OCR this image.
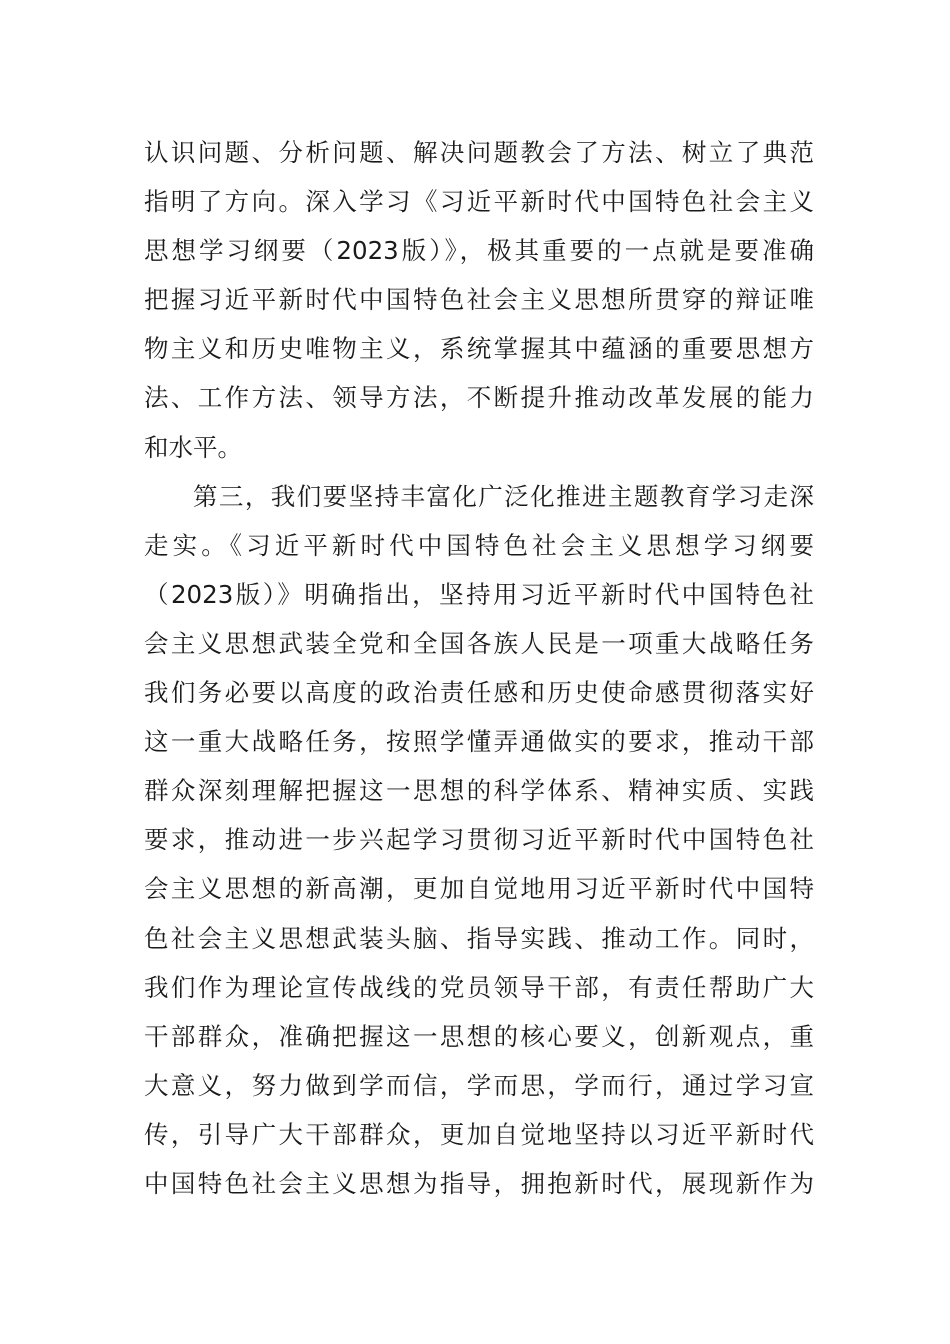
认识问题、分析问题、解决问题教会了方法、树立了典范
指明了方向。深入学习《习近平新时代中国特色社会主义
思想学习纲要（2023版）》，极其重要的一点就是要准确
把握习近平新时代中国特色社会主义思想所贯穿的辩证唯
物主义和历史唯物主义，系统掌握其中蕴涵的重要思想方
法、工作方法、领导方法，不断提升推动改革发展的能力
和水平。
第三，我们要坚持丰富化广泛化推进主题教育学习走深
走实。《习近平新时代中国特色社会主义思想学习纲要
（2023版）》明确指出，坚持用习近平新时代中国特色社
会主义思想武装全党和全国各族人民是一项重大战略任务
我们务必要以高度的政治责任感和历史使命感贯彻落实好
这一重大战略任务，按照学懂弄通做实的要求，推动干部
群众深刻理解把握这一思想的科学体系、精神实质、实践
要求，推动进一步兴起学习贯彻习近平新时代中国特色社
会主义思想的新高潮，更加自觉地用习近平新时代中国特
色社会主义思想武装头脑、指导实践、推动工作。同时，
我们作为理论宣传战线的党员领导干部，有责任帮助广大
干部群众，准确把握这一思想的核心要义，创新观点，重
大意义，努力做到学而信，学而思，学而行，通过学习宣
传，引导广大干部群众，更加自觉地坚持以习近平新时代
中国特色社会主义思想为指导，拥抱新时代，展现新作为
